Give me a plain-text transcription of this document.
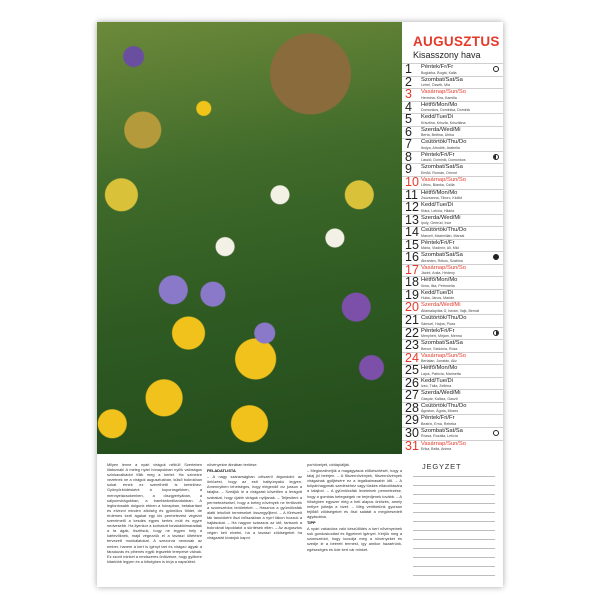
AUGUSZTUS
Kisasszony hava
1	Péntek/Fr/Fr
Boglárka, Bogát, Kalla
2	Szombat/Sat/Sa
Lehel, Özséb, Mia
3	Vasárnap/Sun/So
Hermina, Kira, Kamilla
4	Hétfő/Mon/Mo
Domonkos, Dominika, Dominik
5	Kedd/Tue/Di
Krisztina, Kriszta, Krisztiána
6	Szerda/Wed/Mi
Berta, Bettina, Ulrika
7	Csütörtök/Thu/Do
Ibolya, Afrodité, Arabella
8	Péntek/Fri/Fr
László, Dominik, Domonkos
9	Szombat/Sat/Sa
Emőd, Román, Oriond
10 Vasárnap/Sun/So
Lőrinc, Bianka, Csilla
11 Hétfő/Mon/Mo
Zsuzsanna, Tiborc, Klotild
12 Kedd/Tue/Di
Klára, Letícia, Hilária
13 Szerda/Wed/Mi
Ipoly, Gertrúd, Ince
14 Csütörtök/Thu/Do
Marcell, Maximilián, Marsal
15 Péntek/Fri/Fr
Mária, Vladimír, Ali, Mici
16 Szombat/Sat/Sa
Ábrahám, Rókus, Szabina
17 Vasárnap/Sun/So
Jácint, Anita, Hédeny
18 Hétfő/Mon/Mo
Ilona, Ilka, Petronella
19 Kedd/Tue/Di
Huba, János, Marián
20 Szerda/Wed/Mi
Államalapítás Ü, István, Vajk, Bernát
21 Csütörtök/Thu/Do
Sámuel, Hajna, Piusz
22 Péntek/Fri/Fr
Menyhért, Mirjam, Menna
23 Szombat/Sat/Sa
Bence, Szidónia, Róza
24 Vasárnap/Sun/So
Bertalan, Jonatán, Aliz
25 Hétfő/Mon/Mo
Lajos, Patrícia, Marinetta
26 Kedd/Tue/Di
Izsó, Tália, Zefirina
27 Szerda/Wed/Mi
Gáspár, Kalász, Gaszti
28 Csütörtök/Thu/Do
Ágoston, Ágota, Mózes
29 Péntek/Fri/Fr
Beatrix, Erna, Rebeka
30 Szombat/Sat/Sa
Rózsa, Rozália, Letícia
31 Vasárnap/Sun/So
Erika, Bella, Anima

Milyen lenne a nyári virágok nélkül! Szerteben illatoznak! A meleg nyári hónapokban nyílik valóságos színkavalkádot fűlik meg a kertet. Ha színekre vezetnek ne a virágok augusztusban, külső bokrokban sokat érnek ez szerelhető is kertekhez. Gyönyörködésként a koporósgékben, a mennyeiácsokenben, a díszgyertyában, a sályomvirágokban, a tramblafordítandokban. A legfontosabb dolgunk ebben a hónapban, betakarítani és elvezni minden zöldség és gyümölcs földet, de érdemes kerti ágakat egy kis permetezést végezni szerelmelő a kesdés egyes kertes múlt és egyre nedvesebb. Ha ilyenkor a korhatott fonalaktólmaradtak a fa ágak, tisztítsuk, hogy ne legyen hely a kártevőknek, majd végezzük el a tavaszi ültetésre tervezett munkálatokat. A szezonra nemcsak az ember, hanem a kert is igényt tart és virágzó ágyak a fáradozás és pihenés egyik legszebb terepeivé válnak. Ez szorít minket a rendszeres öntözésre, hogy gyökere kitartóbb legyen és a hőségben is bírja a napsütést.

növényekre ábrában terítése.

FELADATLISTA

– A nagy szárazságban célszerű átgondolni az öntözést, hogy az esti hattyúnyakú legyen. Amennyiben lehetséges, hogy elegendő víz jusson a talajba. – Szedjük le a virágzást követően a lerágott szárakat, hogy újabb virágok nyíljanak. – Teljesíteni a permetezéseket, hogy a beteg növények ne fertőzzék a szomszédos területeket. – Hasznos a gyümölcsfák alatti lehullott terméseket összegyűjteni. – A fűrészelt fák tanulóként őszi időszakban a nyírt fákon hozzuk a hajtásokat. – Ha nagyon szárazos az idő, tartsunk a bokroknál tápoldatot a sürítések ellen. – Az augusztus végén kell elvetni, ha a tavaszi zöldségeket ha virágzatát kívánjuk kapni.

porhüvelyét, utótáplálják.

– Megkezdhetjük a magágyások előkészítését, hogy a talaj jól beérjen. – A fűszernövények, fűszernövények virágainak gyűjtésére ez a legalkalmasabb idő. – A tulipánhagymák szedéséhez vagy tüskés eltávolítására a talajból. – A gyümölcsfák leveleinek permetezése, hogy a gombás betegségek ne terjedjenek tovább. – A hőségben egyszer elég a heti alapos öntözés, amely mélyre juttatja a vizet. – Még vetíthetünk gyorsan fejlődő zöldségeket és őszi salátát a megüresedett ágyásokba.

TIPP

A nyári vakációra való készülődés a kert nővényeinek sok gondoskodást és figyelmet igényel. Kérjük meg a szomszédot, hogy locsolja meg a növényeket és szedje le a beérett termést, így amikor hazaérünk, egészséges és üde kert vár minket.

JEGYZET
